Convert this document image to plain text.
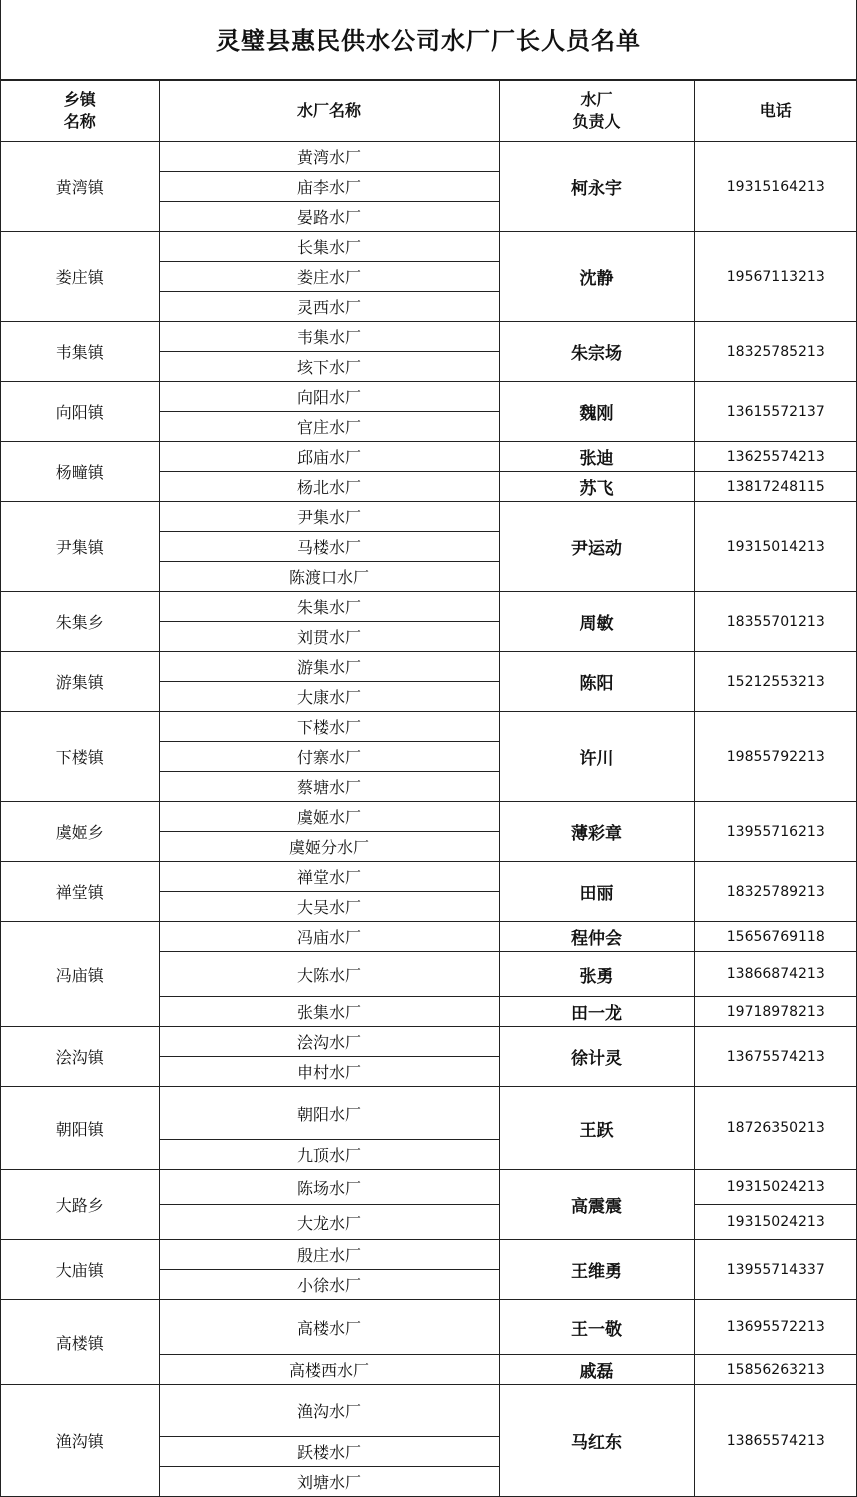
灵璧县惠民供水公司水厂厂长人员名单
乡镇
名称	水厂名称	水厂
负责人	电话
黄湾镇	黄湾水厂	柯永宇	19315164213
	庙李水厂		
	晏路水厂		
娄庄镇	长集水厂	沈静	19567113213
	娄庄水厂		
	灵西水厂		
韦集镇	韦集水厂	朱宗场	18325785213
	垓下水厂		
向阳镇	向阳水厂	魏刚	13615572137
	官庄水厂		
杨疃镇	邱庙水厂	张迪	13625574213
	杨北水厂	苏飞	13817248115
尹集镇	尹集水厂	尹运动	19315014213
	马楼水厂		
	陈渡口水厂		
朱集乡	朱集水厂	周敏	18355701213
	刘贯水厂		
游集镇	游集水厂	陈阳	15212553213
	大康水厂		
下楼镇	下楼水厂	许川	19855792213
	付寨水厂		
	蔡塘水厂		
虞姬乡	虞姬水厂	薄彩章	13955716213
	虞姬分水厂		
禅堂镇	禅堂水厂	田丽	18325789213
	大吴水厂		
冯庙镇	冯庙水厂	程仲会	15656769118
	大陈水厂	张勇	13866874213
	张集水厂	田一龙	19718978213
浍沟镇	浍沟水厂	徐计灵	13675574213
	申村水厂		
朝阳镇	朝阳水厂	王跃	18726350213
	九顶水厂		
大路乡	陈场水厂	高震震	19315024213
	大龙水厂		19315024213
大庙镇	殷庄水厂	王维勇	13955714337
	小徐水厂		
高楼镇	高楼水厂	王一敬	13695572213
	高楼西水厂	戚磊	15856263213
渔沟镇	渔沟水厂	马红东	13865574213
	跃楼水厂		
	刘塘水厂		
